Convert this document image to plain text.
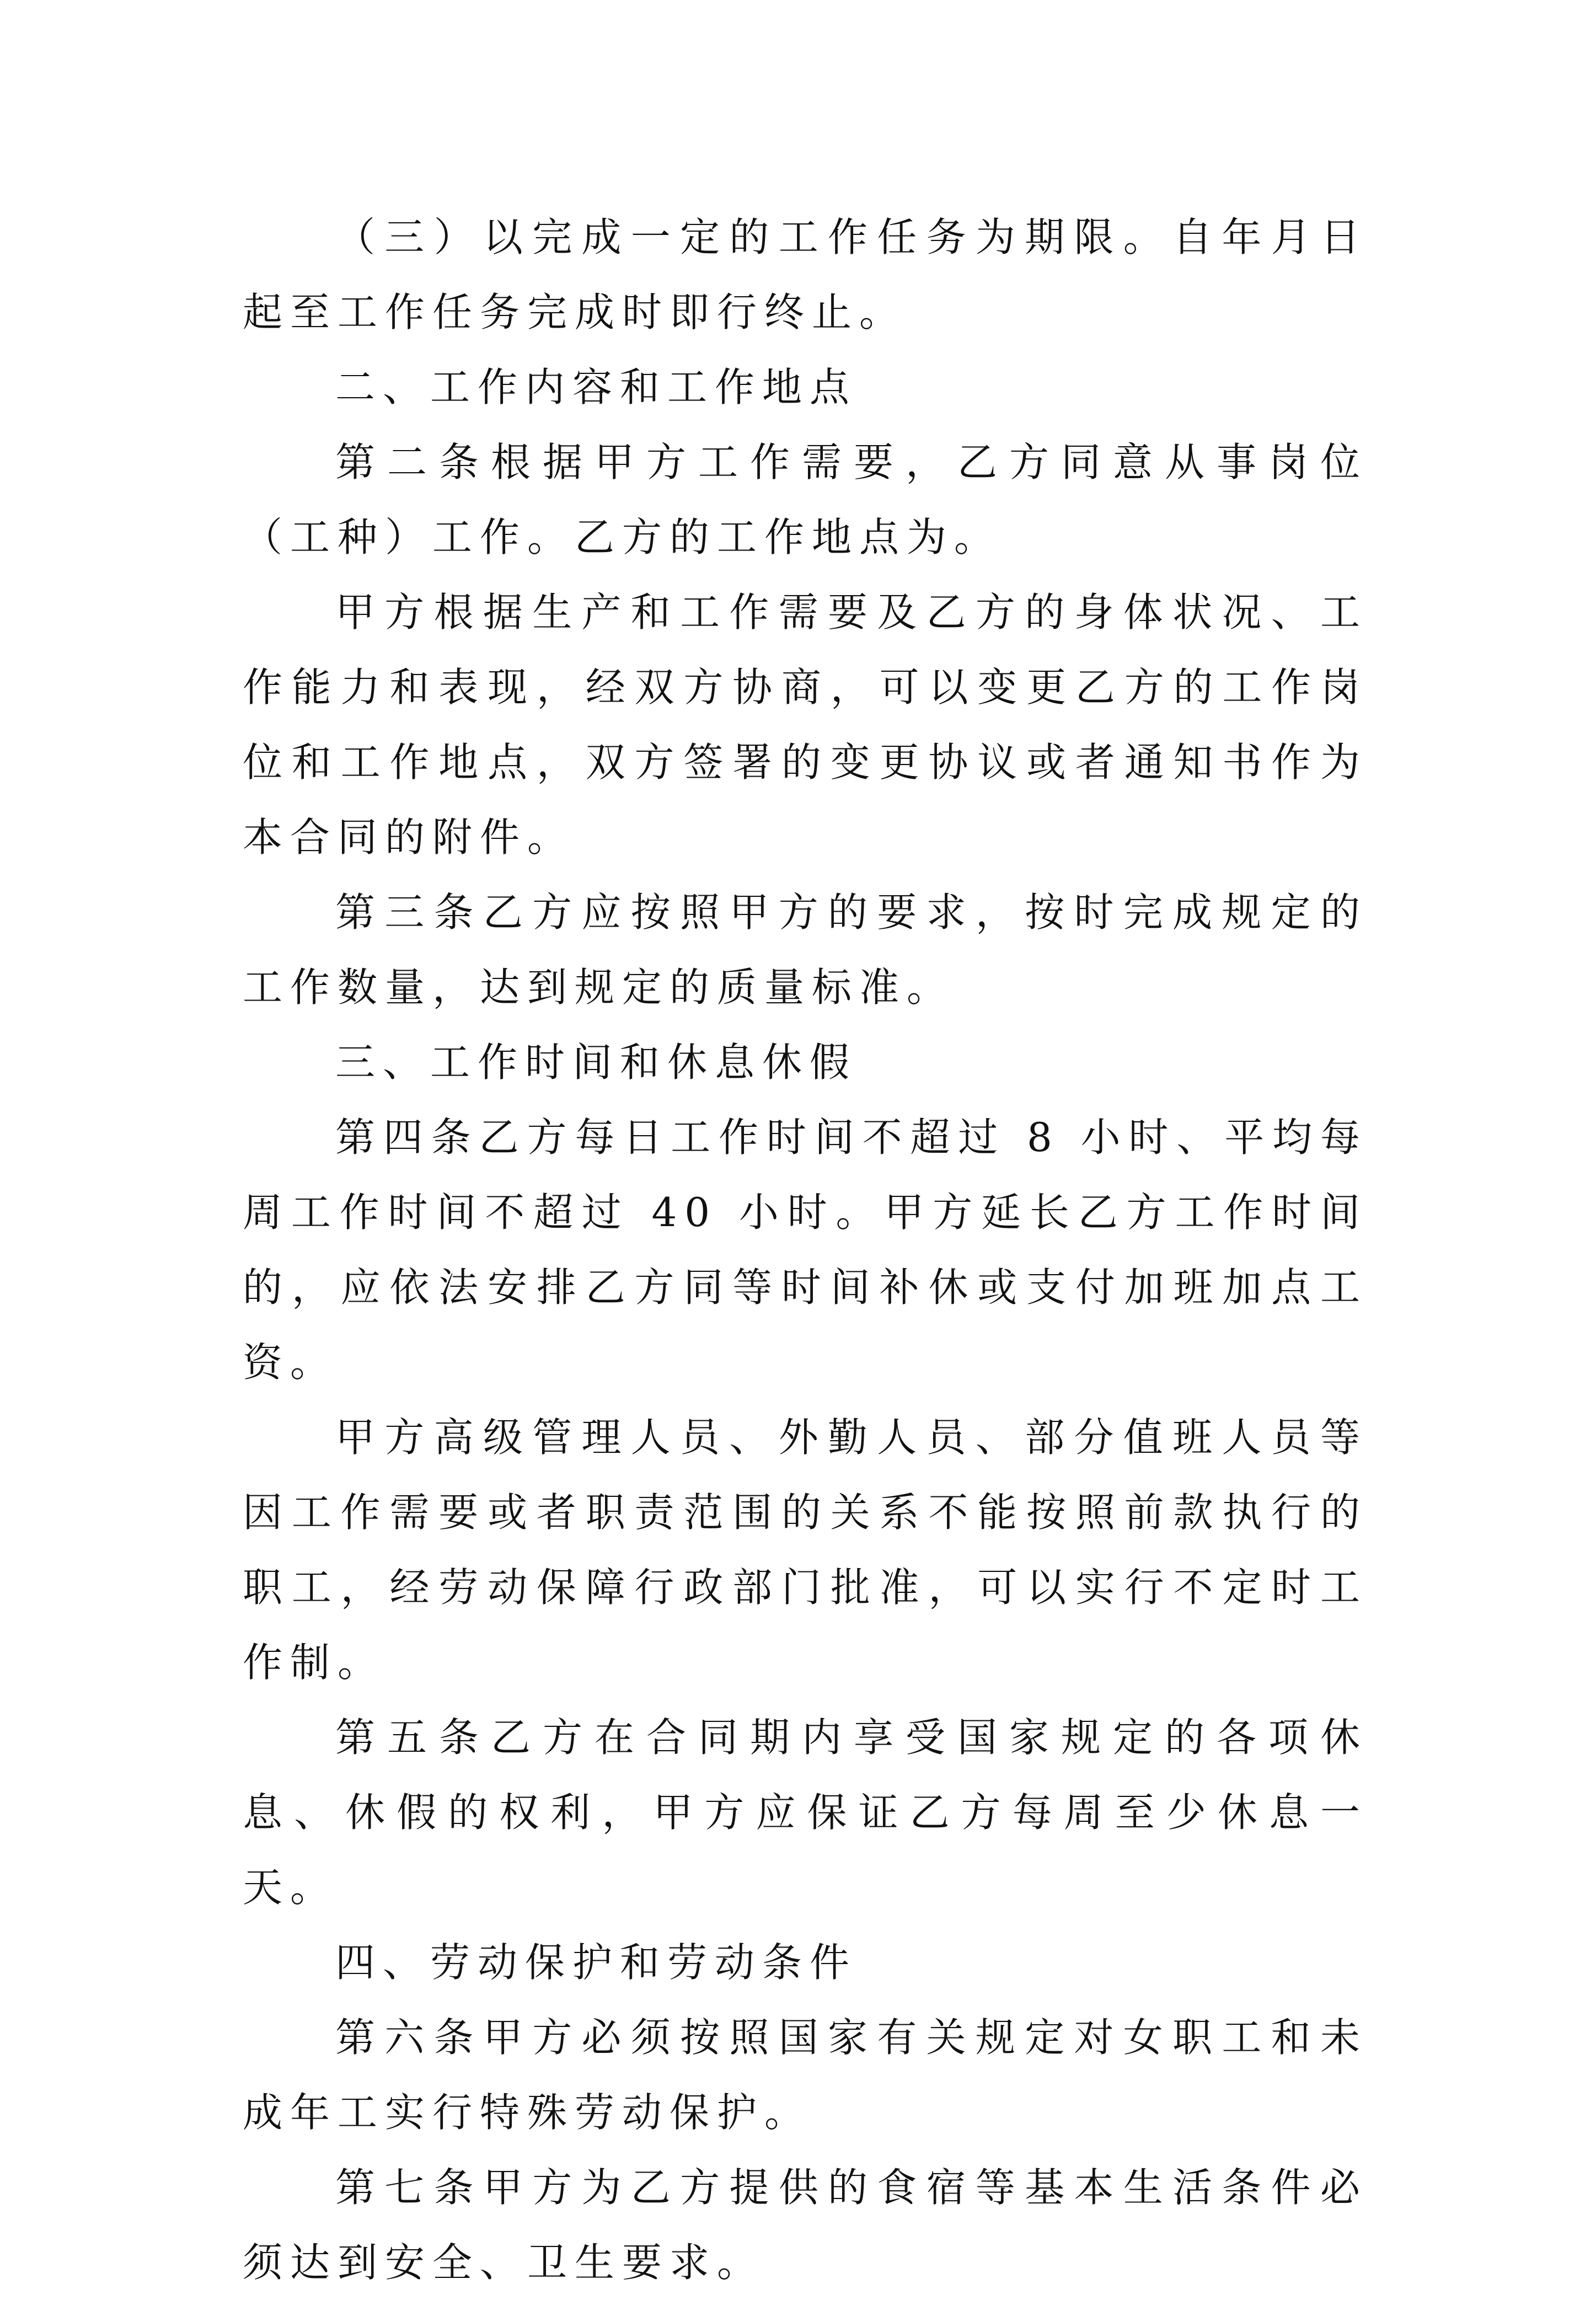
（三）以完成一定的工作任务为期限。自年月日起至工作任务完成时即行终止。

二、工作内容和工作地点

第二条根据甲方工作需要，乙方同意从事岗位（工种）工作。乙方的工作地点为。

甲方根据生产和工作需要及乙方的身体状况、工作能力和表现，经双方协商，可以变更乙方的工作岗位和工作地点，双方签署的变更协议或者通知书作为本合同的附件。

第三条乙方应按照甲方的要求，按时完成规定的工作数量，达到规定的质量标准。

三、工作时间和休息休假

第四条乙方每日工作时间不超过 8 小时、平均每周工作时间不超过 40 小时。甲方延长乙方工作时间的，应依法安排乙方同等时间补休或支付加班加点工资。

甲方高级管理人员、外勤人员、部分值班人员等因工作需要或者职责范围的关系不能按照前款执行的职工，经劳动保障行政部门批准，可以实行不定时工作制。

第五条乙方在合同期内享受国家规定的各项休息、休假的权利，甲方应保证乙方每周至少休息一天。

四、劳动保护和劳动条件

第六条甲方必须按照国家有关规定对女职工和未成年工实行特殊劳动保护。

第七条甲方为乙方提供的食宿等基本生活条件必须达到安全、卫生要求。
